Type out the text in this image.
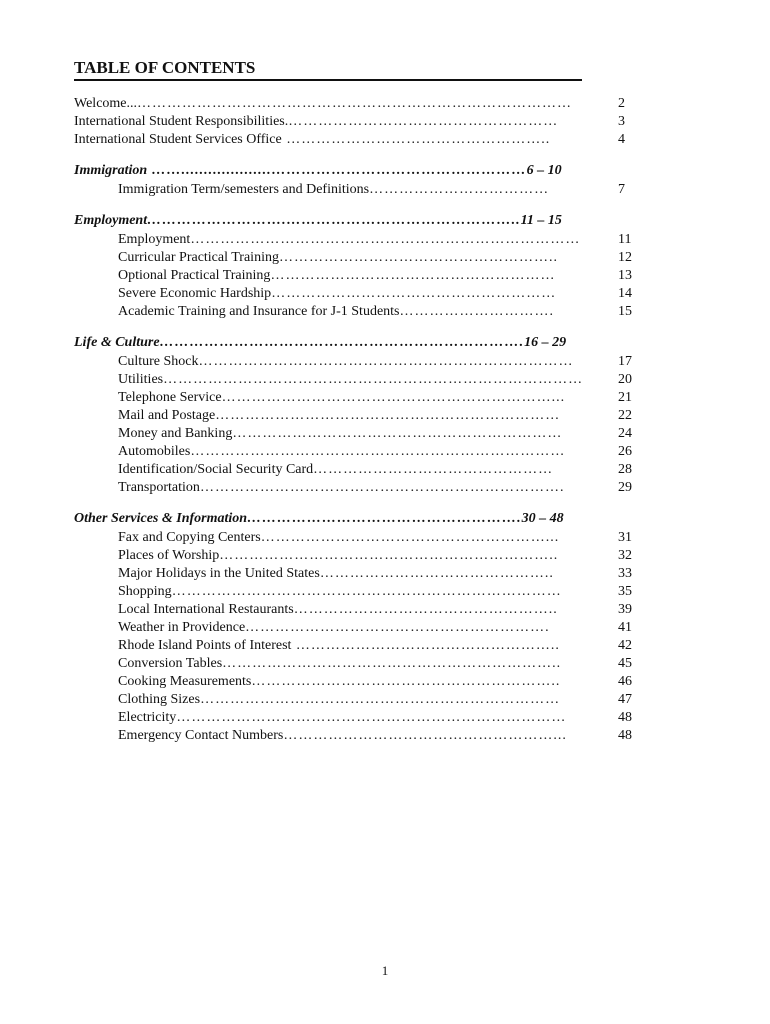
TABLE OF CONTENTS
Welcome...……………………………………………………………………………	2
International Student Responsibilities.………………………………………………	3
International Student Services Office ……………………………………………..	4
Immigration ……....................……………………………………………6 – 10
Immigration Term/semesters and Definitions………………………………	7
Employment……………………….………………………………………..11 – 15
Employment……………………………………………………………………	11
Curricular Practical Training………………………………………………..	12
Optional Practical Training…………………………………………………	13
Severe Economic Hardship…………………………………………………	14
Academic Training and Insurance for J-1 Students………………………….	15
Life & Culture……………………………………………………………….16 – 29
Culture Shock…………………………………………………………………	17
Utilities………………………………………………………………………… 20
Telephone Service…………………………………………………………...	21
Mail and Postage……………………………………………………………	22
Money and Banking…………………………………………………………	24
Automobiles…………………………………………………………………	26
Identification/Social Security Card…………………………………………	28
Transportation……………………………………………………………….	29
Other Services & Information……………………………………………….30 – 48
Fax and Copying Centers…………………………………………………...	31
Places of Worship…………………………………………………………..	32
Major Holidays in the United States………………………………………..	33
Shopping……………………………………………………………………	35
Local International Restaurants……………………………………………..	39
Weather in Providence…………………………………………………….	41
Rhode Island Points of Interest ……………………………………………..	42
Conversion Tables…………………………………………………………..	45
Cooking Measurements……………………………………………………..	46
Clothing Sizes………………………………………………………………	47
Electricity……………………………………………………………………	48
Emergency Contact Numbers………………………………………………...	48
1
